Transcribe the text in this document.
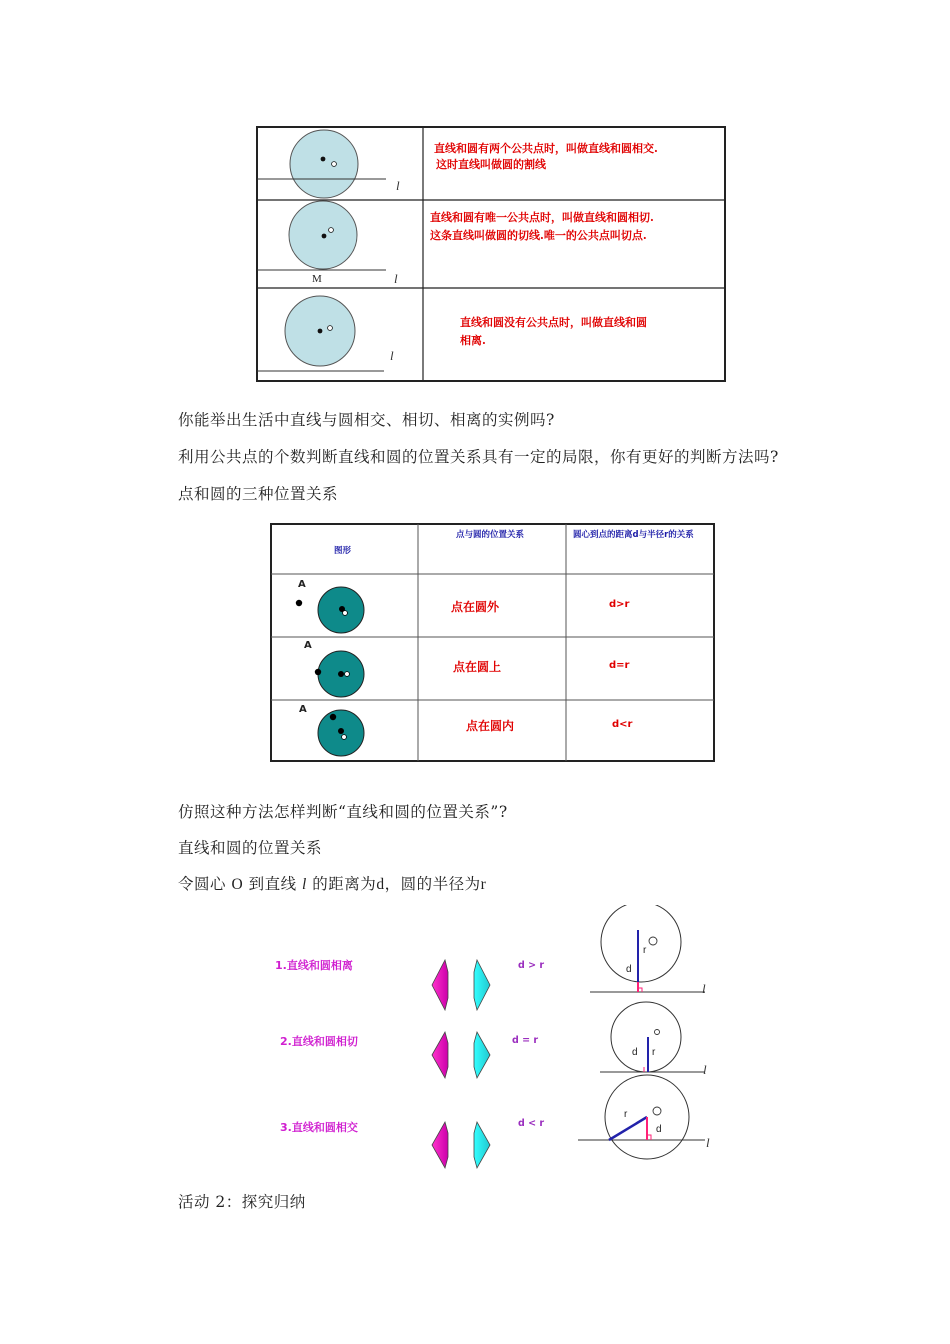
l
l
M
l
直线和圆有两个公共点时，叫做直线和圆相交.
这时直线叫做圆的割线
直线和圆有唯一公共点时，叫做直线和圆相切.
这条直线叫做圆的切线.唯一的公共点叫切点.
直线和圆没有公共点时，叫做直线和圆
相离.
你能举出生活中直线与圆相交、相切、相离的实例吗?
利用公共点的个数判断直线和圆的位置关系具有一定的局限，你有更好的判断方法吗?
点和圆的三种位置关系
图形
点与圆的位置关系	圆心到点的距离d与半径r的关系
A
A
A
点在圆外
点在圆上
点在圆内
d>r
d=r
d<r
仿照这种方法怎样判断“直线和圆的位置关系”?
直线和圆的位置关系
令圆心 O 到直线 l 的距离为d，圆的半径为r
1.直线和圆相离
2.直线和圆相切
3.直线和圆相交
d > r
d = r
d < r
r
d
l
d r
l
r
d
l
活动 2：探究归纳
